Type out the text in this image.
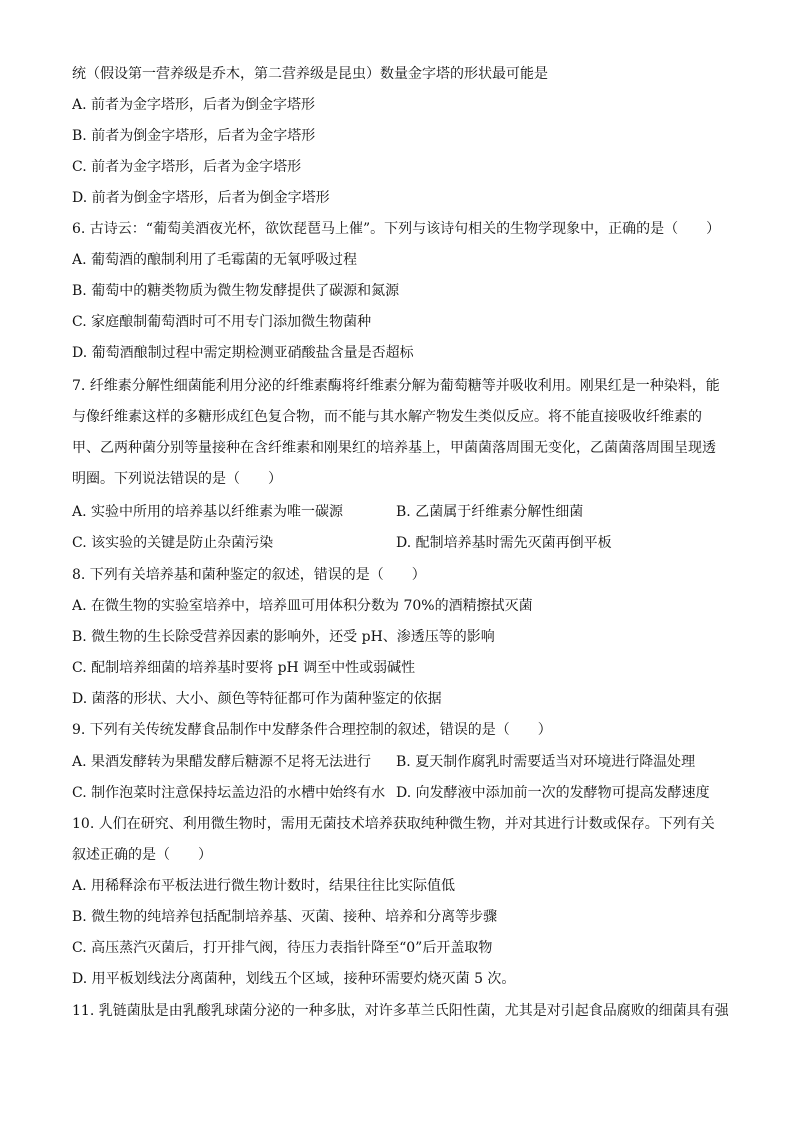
统（假设第一营养级是乔木，第二营养级是昆虫）数量金字塔的形状最可能是
A. 前者为金字塔形，后者为倒金字塔形
B. 前者为倒金字塔形，后者为金字塔形
C. 前者为金字塔形，后者为金字塔形
D. 前者为倒金字塔形，后者为倒金字塔形
6. 古诗云：“葡萄美酒夜光杯，欲饮琵琶马上催”。下列与该诗句相关的生物学现象中，正确的是（　　）
A. 葡萄酒的酿制利用了毛霉菌的无氧呼吸过程
B. 葡萄中的糖类物质为微生物发酵提供了碳源和氮源
C. 家庭酿制葡萄酒时可不用专门添加微生物菌种
D. 葡萄酒酿制过程中需定期检测亚硝酸盐含量是否超标
7. 纤维素分解性细菌能利用分泌的纤维素酶将纤维素分解为葡萄糖等并吸收利用。刚果红是一种染料，能
与像纤维素这样的多糖形成红色复合物，而不能与其水解产物发生类似反应。将不能直接吸收纤维素的
甲、乙两种菌分别等量接种在含纤维素和刚果红的培养基上，甲菌菌落周围无变化，乙菌菌落周围呈现透
明圈。下列说法错误的是（　　）
A. 实验中所用的培养基以纤维素为唯一碳源	B. 乙菌属于纤维素分解性细菌
C. 该实验的关键是防止杂菌污染	D. 配制培养基时需先灭菌再倒平板
8. 下列有关培养基和菌种鉴定的叙述，错误的是（　　）
A. 在微生物的实验室培养中，培养皿可用体积分数为 70%的酒精擦拭灭菌
B. 微生物的生长除受营养因素的影响外，还受 pH、渗透压等的影响
C. 配制培养细菌的培养基时要将 pH 调至中性或弱碱性
D. 菌落的形状、大小、颜色等特征都可作为菌种鉴定的依据
9. 下列有关传统发酵食品制作中发酵条件合理控制的叙述，错误的是（　　）
A. 果酒发酵转为果醋发酵后糖源不足将无法进行 B. 夏天制作腐乳时需要适当对环境进行降温处理
C. 制作泡菜时注意保持坛盖边沿的水槽中始终有水 D. 向发酵液中添加前一次的发酵物可提高发酵速度
10. 人们在研究、利用微生物时，需用无菌技术培养获取纯种微生物，并对其进行计数或保存。下列有关
叙述正确的是（　　）
A. 用稀释涂布平板法进行微生物计数时，结果往往比实际值低
B. 微生物的纯培养包括配制培养基、灭菌、接种、培养和分离等步骤
C. 高压蒸汽灭菌后，打开排气阀，待压力表指针降至“0”后开盖取物
D. 用平板划线法分离菌种，划线五个区域，接种环需要灼烧灭菌 5 次。
11. 乳链菌肽是由乳酸乳球菌分泌的一种多肽，对许多革兰氏阳性菌，尤其是对引起食品腐败的细菌具有强
